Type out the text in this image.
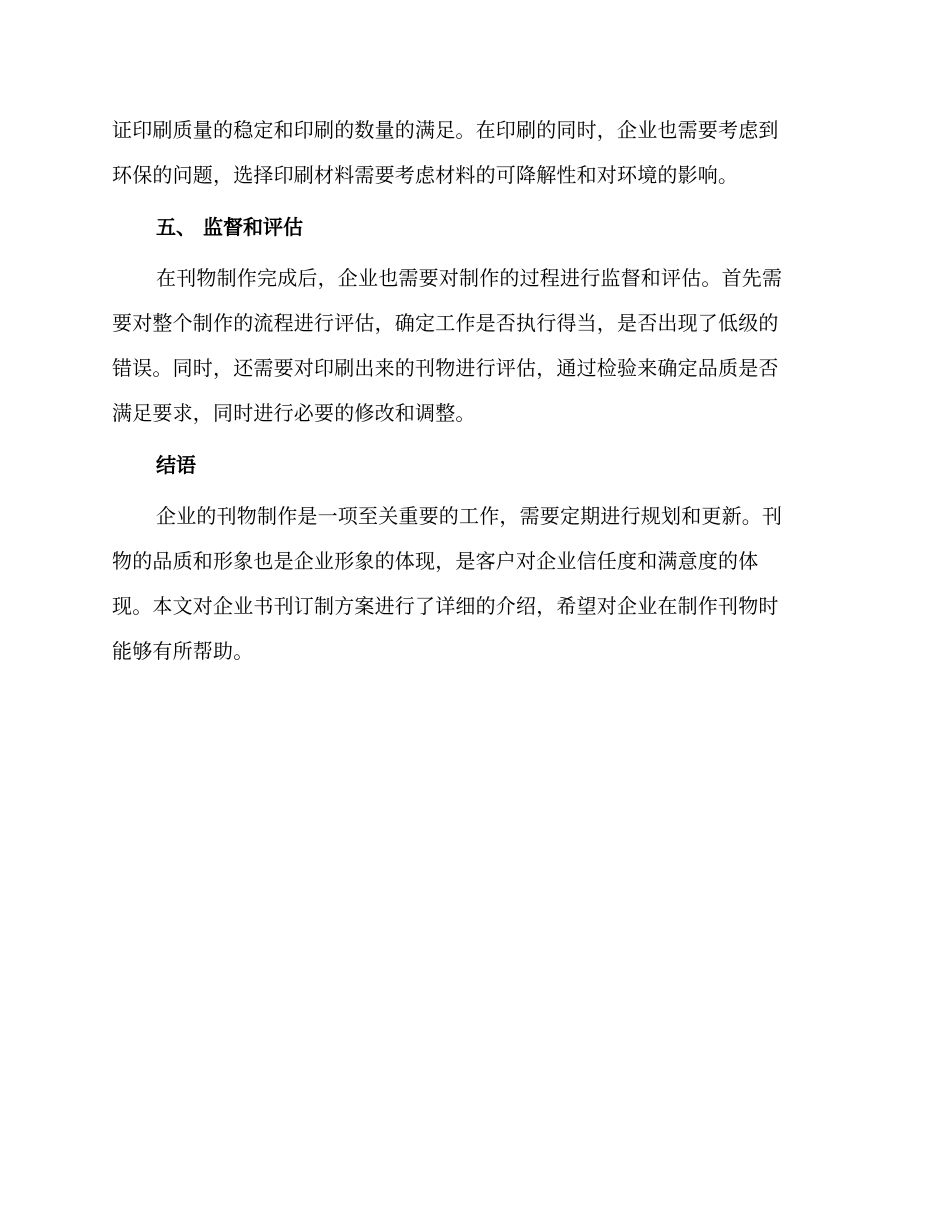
证印刷质量的稳定和印刷的数量的满足。在印刷的同时，企业也需要考虑到
环保的问题，选择印刷材料需要考虑材料的可降解性和对环境的影响。
五、 监督和评估
在刊物制作完成后，企业也需要对制作的过程进行监督和评估。首先需
要对整个制作的流程进行评估，确定工作是否执行得当，是否出现了低级的
错误。同时，还需要对印刷出来的刊物进行评估，通过检验来确定品质是否
满足要求，同时进行必要的修改和调整。
结语
企业的刊物制作是一项至关重要的工作，需要定期进行规划和更新。刊
物的品质和形象也是企业形象的体现，是客户对企业信任度和满意度的体
现。本文对企业书刊订制方案进行了详细的介绍，希望对企业在制作刊物时
能够有所帮助。
